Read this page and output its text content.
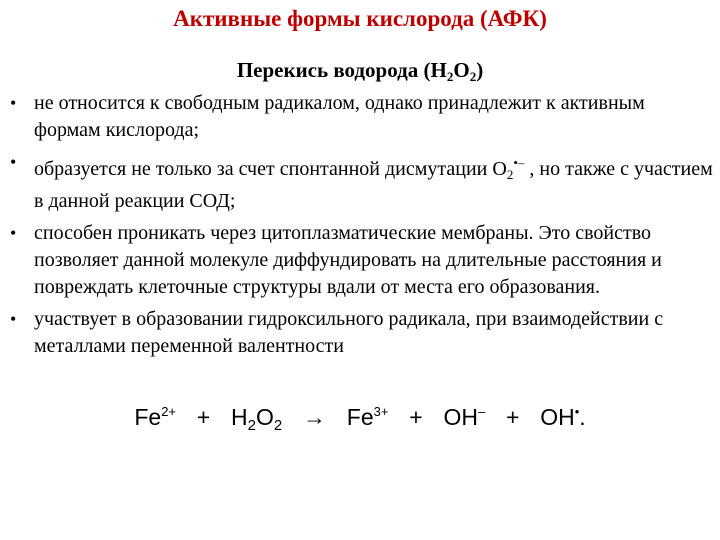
Активные формы кислорода (АФК)
Перекись водорода $(H_2O_2)$
• не относится к свободным радикалом, однако принадлежит к активным формам кислорода;
• образуется не только за счет спонтанной дисмутации $O_2^{•-}$ , но также с участием в данной реакции СОД;
• способен проникать через цитоплазматические мембраны. Это свойство позволяет данной молекуле диффундировать на длительные расстояния и повреждать клеточные структуры вдали от места его образования.
• участвует в образовании гидроксильного радикала, при взаимодействии с металлами переменной валентности
$Fe^{2+} + H_2O_2 \to Fe^{3+} + OH^- + OH^•$.
